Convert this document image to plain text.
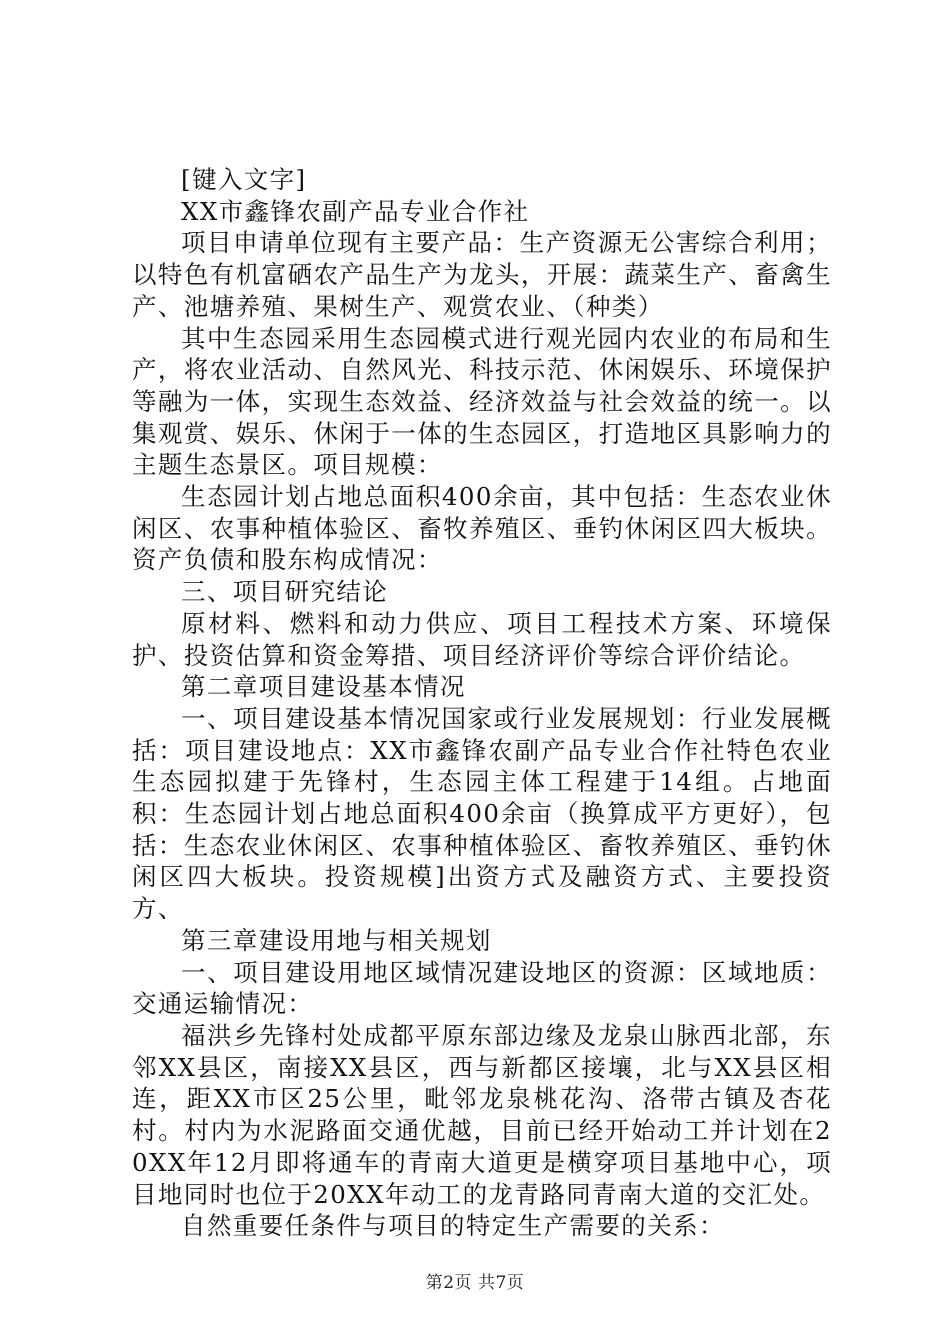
[键入文字]

XX市鑫锋农副产品专业合作社

项目申请单位现有主要产品：生产资源无公害综合利用；以特色有机富硒农产品生产为龙头，开展：蔬菜生产、畜禽生产、池塘养殖、果树生产、观赏农业、（种类）

其中生态园采用生态园模式进行观光园内农业的布局和生产，将农业活动、自然风光、科技示范、休闲娱乐、环境保护等融为一体，实现生态效益、经济效益与社会效益的统一。以集观赏、娱乐、休闲于一体的生态园区，打造地区具影响力的主题生态景区。项目规模：

生态园计划占地总面积400余亩，其中包括：生态农业休闲区、农事种植体验区、畜牧养殖区、垂钓休闲区四大板块。资产负债和股东构成情况：

三、项目研究结论

原材料、燃料和动力供应、项目工程技术方案、环境保护、投资估算和资金筹措、项目经济评价等综合评价结论。

第二章项目建设基本情况

一、项目建设基本情况国家或行业发展规划：行业发展概括：项目建设地点：XX市鑫锋农副产品专业合作社特色农业生态园拟建于先锋村，生态园主体工程建于14组。占地面积：生态园计划占地总面积400余亩（换算成平方更好），包括：生态农业休闲区、农事种植体验区、畜牧养殖区、垂钓休闲区四大板块。投资规模]出资方式及融资方式、主要投资方、

第三章建设用地与相关规划

一、项目建设用地区域情况建设地区的资源：区域地质：交通运输情况：

福洪乡先锋村处成都平原东部边缘及龙泉山脉西北部，东邻XX县区，南接XX县区，西与新都区接壤，北与XX县区相连，距XX市区25公里，毗邻龙泉桃花沟、洛带古镇及杏花村。村内为水泥路面交通优越，目前已经开始动工并计划在20XX年12月即将通车的青南大道更是横穿项目基地中心，项目地同时也位于20XX年动工的龙青路同青南大道的交汇处。

自然重要任条件与项目的特定生产需要的关系：

第2页 共7页
